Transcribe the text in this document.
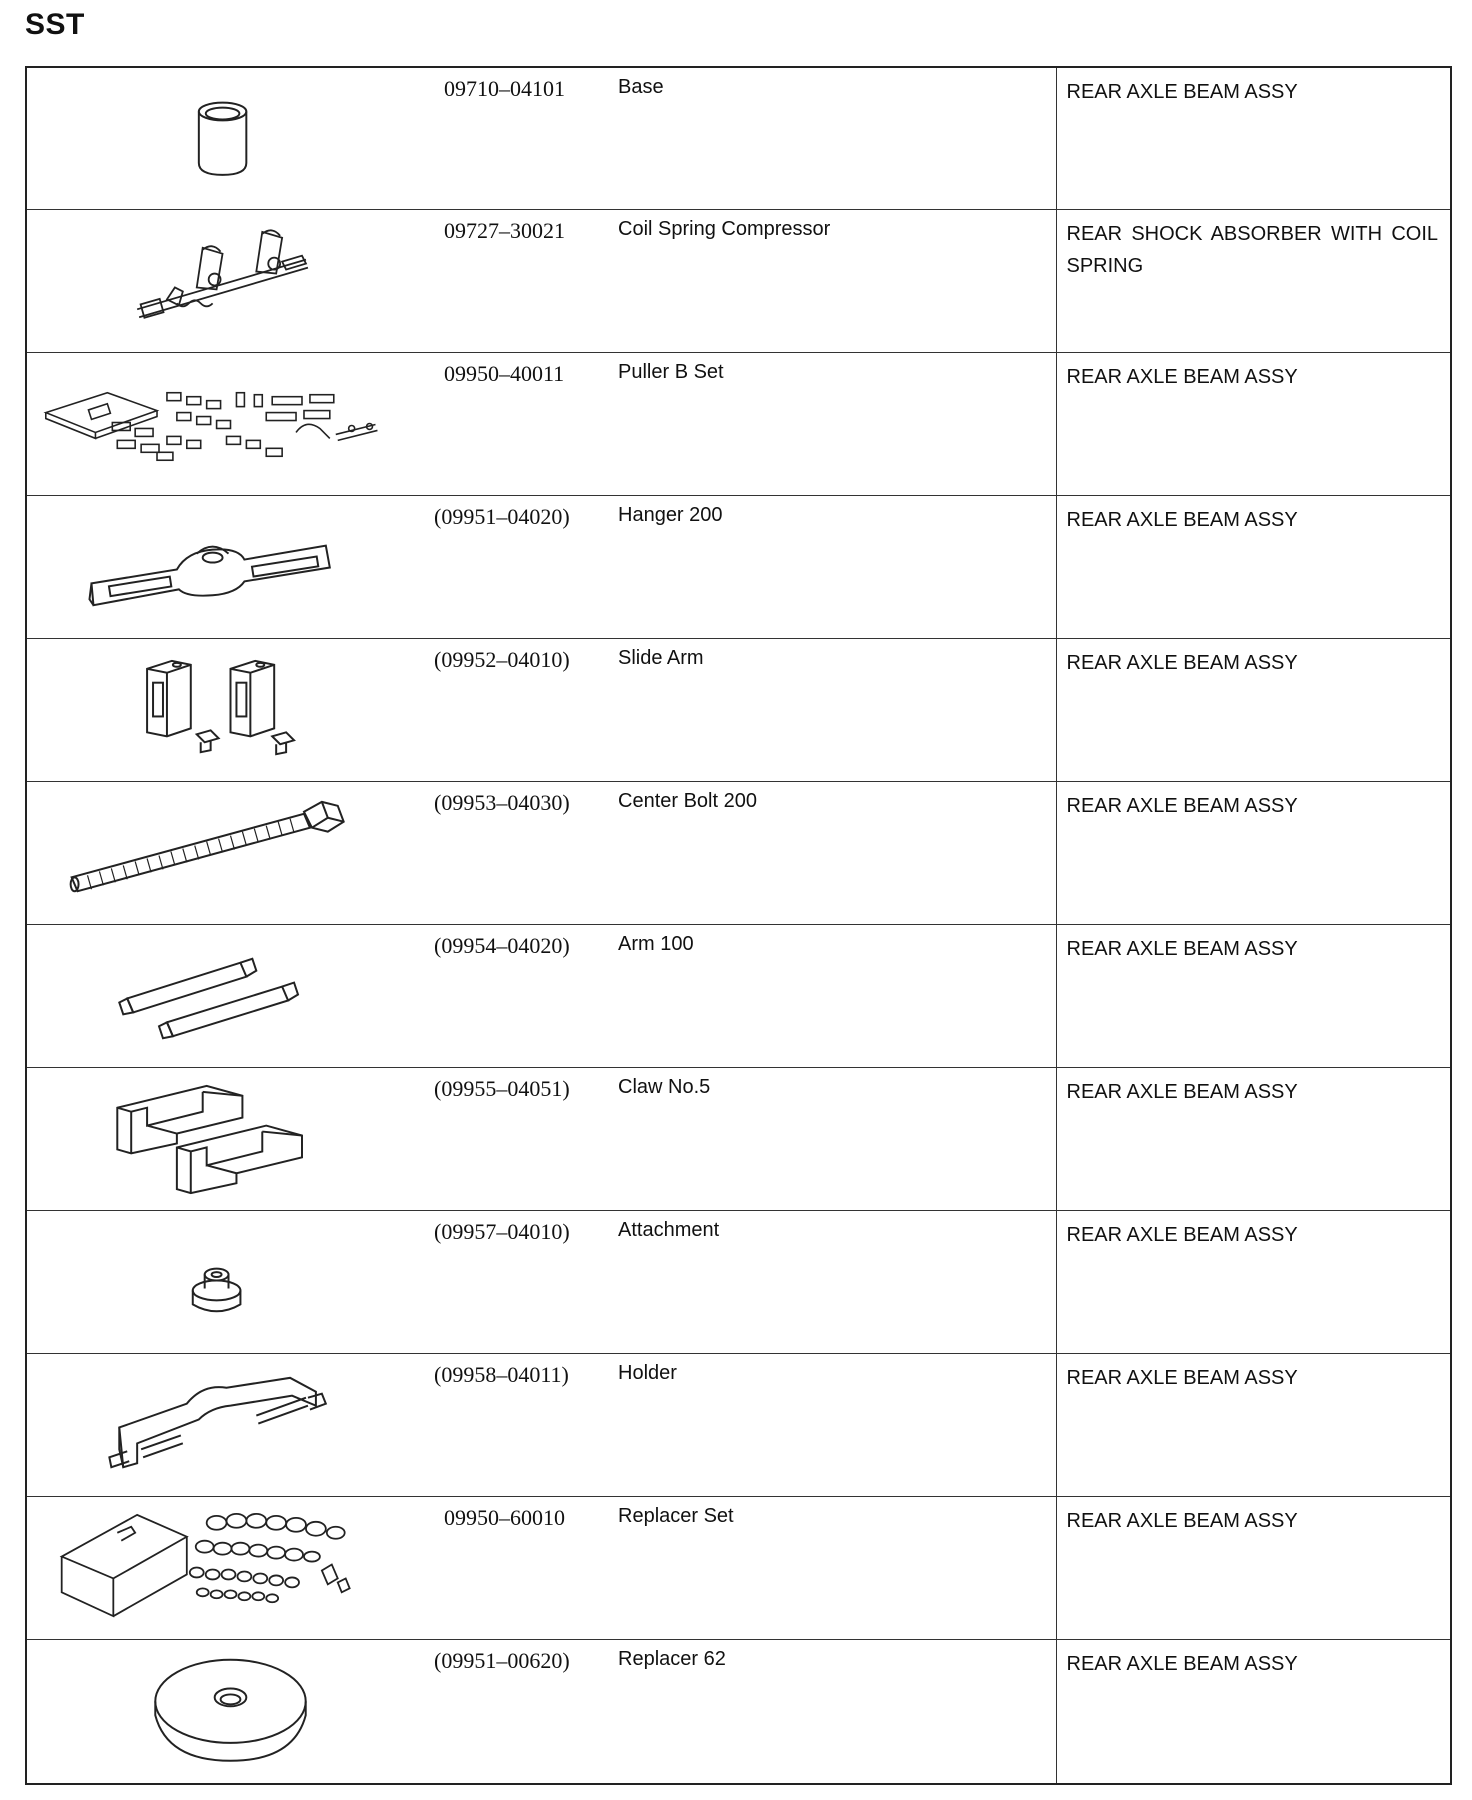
SST

09710–04101	Base	REAR AXLE BEAM ASSY

09727–30021	Coil Spring Compressor	REAR SHOCK ABSORBER WITH COIL SPRING

09950–40011	Puller B Set	REAR AXLE BEAM ASSY

(09951–04020)	Hanger 200	REAR AXLE BEAM ASSY

(09952–04010)	Slide Arm	REAR AXLE BEAM ASSY

(09953–04030)	Center Bolt 200	REAR AXLE BEAM ASSY

(09954–04020)	Arm 100	REAR AXLE BEAM ASSY

(09955–04051)	Claw No.5	REAR AXLE BEAM ASSY

(09957–04010)	Attachment	REAR AXLE BEAM ASSY

(09958–04011)	Holder	REAR AXLE BEAM ASSY

09950–60010	Replacer Set	REAR AXLE BEAM ASSY

(09951–00620)	Replacer 62	REAR AXLE BEAM ASSY
